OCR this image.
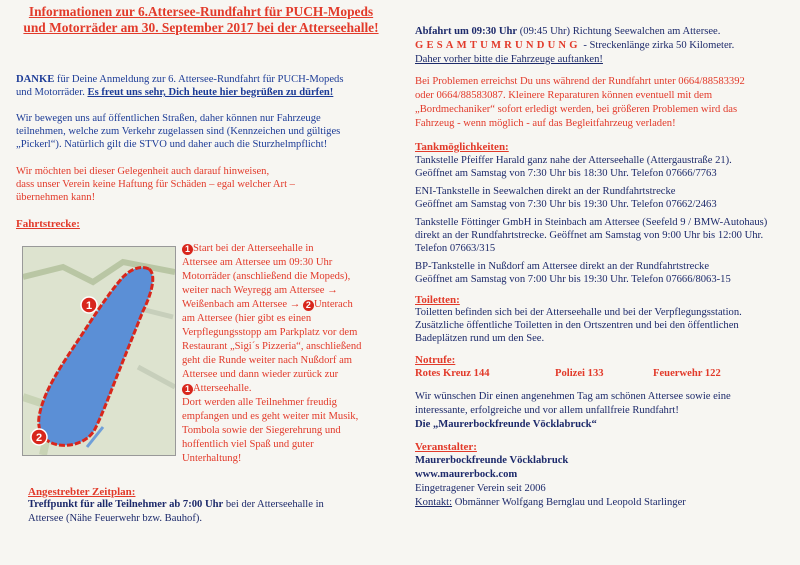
Informationen zur 6.Attersee-Rundfahrt für PUCH-Mopeds
und Motorräder am 30. September 2017 bei der Atterseehalle!
DANKE für Deine Anmeldung zur 6. Attersee-Rundfahrt für PUCH-Mopeds
und Motorräder. Es freut uns sehr, Dich heute hier begrüßen zu dürfen!
Wir bewegen uns auf öffentlichen Straßen, daher können nur Fahrzeuge
teilnehmen, welche zum Verkehr zugelassen sind (Kennzeichen und gültiges
„Pickerl“). Natürlich gilt die STVO und daher auch die Sturzhelmpflicht!
Wir möchten bei dieser Gelegenheit auch darauf hinweisen,
dass unser Verein keine Haftung für Schäden – egal welcher Art –
übernehmen kann!
Fahrtstrecke:
1 Start bei der Atterseehalle in
Attersee am Attersee um 09:30 Uhr
Motorräder (anschließend die Mopeds),
weiter nach Weyregg am Attersee →
Weißenbach am Attersee → 2 Unterach
am Attersee (hier gibt es einen
Verpflegungsstopp am Parkplatz vor dem
Restaurant „Sigi´s Pizzeria“, anschließend
geht die Runde weiter nach Nußdorf am
Attersee und dann wieder zurück zur
1 Atterseehalle.
Dort werden alle Teilnehmer freudig
empfangen und es geht weiter mit Musik,
Tombola sowie der Siegerehrung und
hoffentlich viel Spaß und guter
Unterhaltung!
Angestrebter Zeitplan:
Treffpunkt für alle Teilnehmer ab 7:00 Uhr bei der Atterseehalle in
Attersee (Nähe Feuerwehr bzw. Bauhof).
1
2
Abfahrt um 09:30 Uhr (09:45 Uhr) Richtung Seewalchen am Attersee.
GESAMTUMRUNDUNG - Streckenlänge zirka 50 Kilometer.
Daher vorher bitte die Fahrzeuge auftanken!
Bei Problemen erreichst Du uns während der Rundfahrt unter 0664/88583392
oder 0664/88583087. Kleinere Reparaturen können eventuell mit dem
„Bordmechaniker“ sofort erledigt werden, bei größeren Problemen wird das
Fahrzeug - wenn möglich - auf das Begleitfahrzeug verladen!
Tankmöglichkeiten:
Tankstelle Pfeiffer Harald ganz nahe der Atterseehalle (Attergaustraße 21).
Geöffnet am Samstag von 7:30 Uhr bis 18:30 Uhr. Telefon 07666/7763
ENI-Tankstelle in Seewalchen direkt an der Rundfahrtstrecke
Geöffnet am Samstag von 7:30 Uhr bis 19:30 Uhr. Telefon 07662/2463
Tankstelle Föttinger GmbH in Steinbach am Attersee (Seefeld 9 / BMW-Autohaus)
direkt an der Rundfahrtstrecke. Geöffnet am Samstag von 9:00 Uhr bis 12:00 Uhr.
Telefon 07663/315
BP-Tankstelle in Nußdorf am Attersee direkt an der Rundfahrtstrecke
Geöffnet am Samstag von 7:00 Uhr bis 19:30 Uhr. Telefon 07666/8063-15
Toiletten:
Toiletten befinden sich bei der Atterseehalle und bei der Verpflegungsstation.
Zusätzliche öffentliche Toiletten in den Ortszentren und bei den öffentlichen
Badeplätzen rund um den See.
Notrufe:
Rotes Kreuz 144	Polizei 133	Feuerwehr 122
Wir wünschen Dir einen angenehmen Tag am schönen Attersee sowie eine
interessante, erfolgreiche und vor allem unfallfreie Rundfahrt!
Die „Maurerbockfreunde Vöcklabruck“
Veranstalter:
Maurerbockfreunde Vöcklabruck
www.maurerbock.com
Eingetragener Verein seit 2006
Kontakt: Obmänner Wolfgang Bernglau und Leopold Starlinger
